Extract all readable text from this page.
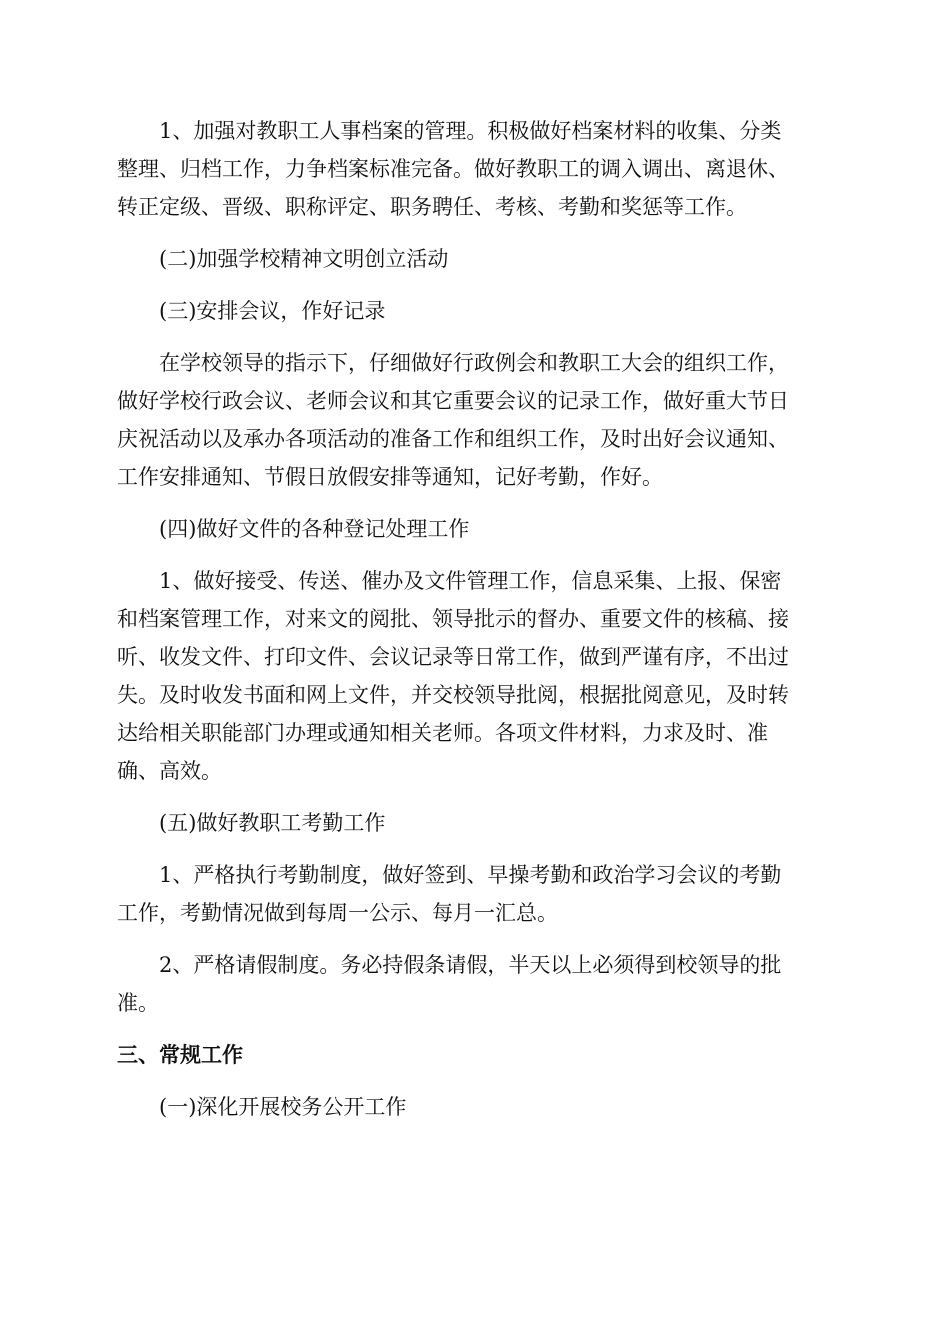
1、加强对教职工人事档案的管理。积极做好档案材料的收集、分类
整理、归档工作，力争档案标准完备。做好教职工的调入调出、离退休、
转正定级、晋级、职称评定、职务聘任、考核、考勤和奖惩等工作。
(二)加强学校精神文明创立活动
(三)安排会议，作好记录
在学校领导的指示下，仔细做好行政例会和教职工大会的组织工作，
做好学校行政会议、老师会议和其它重要会议的记录工作，做好重大节日
庆祝活动以及承办各项活动的准备工作和组织工作，及时出好会议通知、
工作安排通知、节假日放假安排等通知，记好考勤，作好。
(四)做好文件的各种登记处理工作
1、做好接受、传送、催办及文件管理工作，信息采集、上报、保密
和档案管理工作，对来文的阅批、领导批示的督办、重要文件的核稿、接
听、收发文件、打印文件、会议记录等日常工作，做到严谨有序，不出过
失。及时收发书面和网上文件，并交校领导批阅，根据批阅意见，及时转
达给相关职能部门办理或通知相关老师。各项文件材料，力求及时、准
确、高效。
(五)做好教职工考勤工作
1、严格执行考勤制度，做好签到、早操考勤和政治学习会议的考勤
工作，考勤情况做到每周一公示、每月一汇总。
2、严格请假制度。务必持假条请假，半天以上必须得到校领导的批
准。
三、常规工作
(一)深化开展校务公开工作
